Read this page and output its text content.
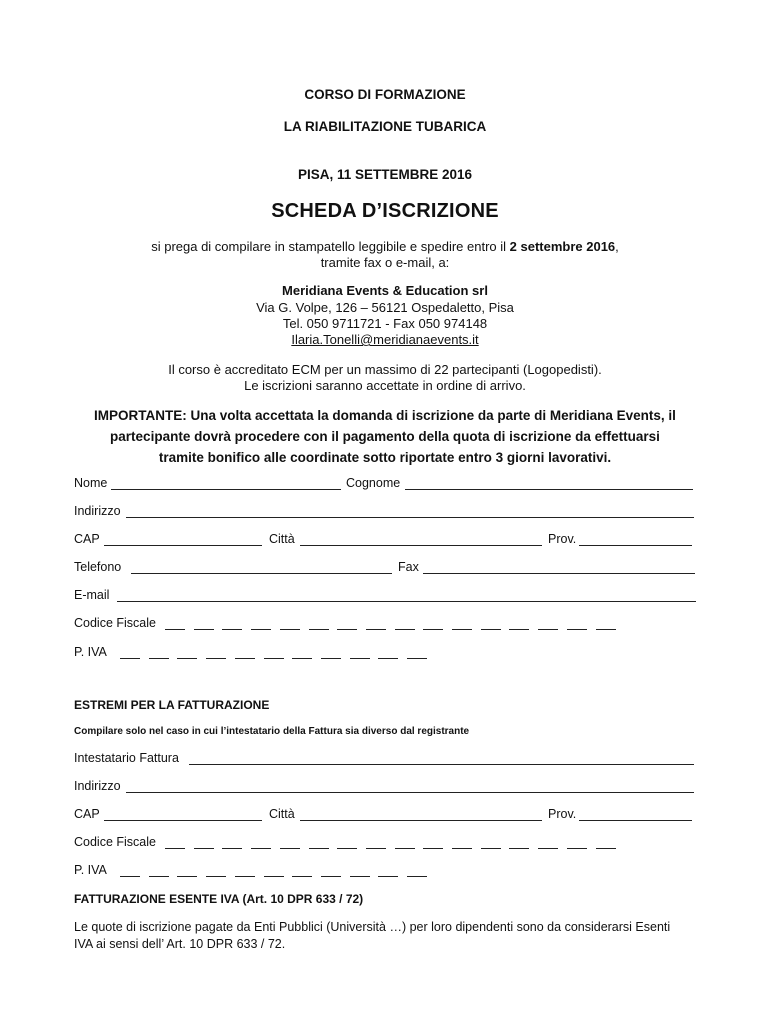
CORSO DI FORMAZIONE
LA RIABILITAZIONE TUBARICA
PISA, 11 SETTEMBRE 2016
SCHEDA D’ISCRIZIONE
si prega di compilare in stampatello leggibile e spedire entro il 2 settembre 2016,
tramite fax o e-mail, a:
Meridiana Events & Education srl
Via G. Volpe, 126 – 56121 Ospedaletto, Pisa
Tel. 050 9711721 - Fax 050 974148
Ilaria.Tonelli@meridianaevents.it
Il corso è accreditato ECM per un massimo di 22 partecipanti (Logopedisti).
Le iscrizioni saranno accettate in ordine di arrivo.
IMPORTANTE: Una volta accettata la domanda di iscrizione da parte di Meridiana Events, il
partecipante dovrà procedere con il pagamento della quota di iscrizione da effettuarsi
tramite bonifico alle coordinate sotto riportate entro 3 giorni lavorativi.
Nome	Cognome
Indirizzo
CAP	Città	Prov.
Telefono	Fax
E-mail
Codice Fiscale
P. IVA
ESTREMI PER LA FATTURAZIONE
Compilare solo nel caso in cui l’intestatario della Fattura sia diverso dal registrante
Intestatario Fattura
Indirizzo
CAP	Città	Prov.
Codice Fiscale
P. IVA
FATTURAZIONE ESENTE IVA (Art. 10 DPR 633 / 72)
Le quote di iscrizione pagate da Enti Pubblici (Università …) per loro dipendenti sono da considerarsi Esenti
IVA ai sensi dell’ Art. 10 DPR 633 / 72.
